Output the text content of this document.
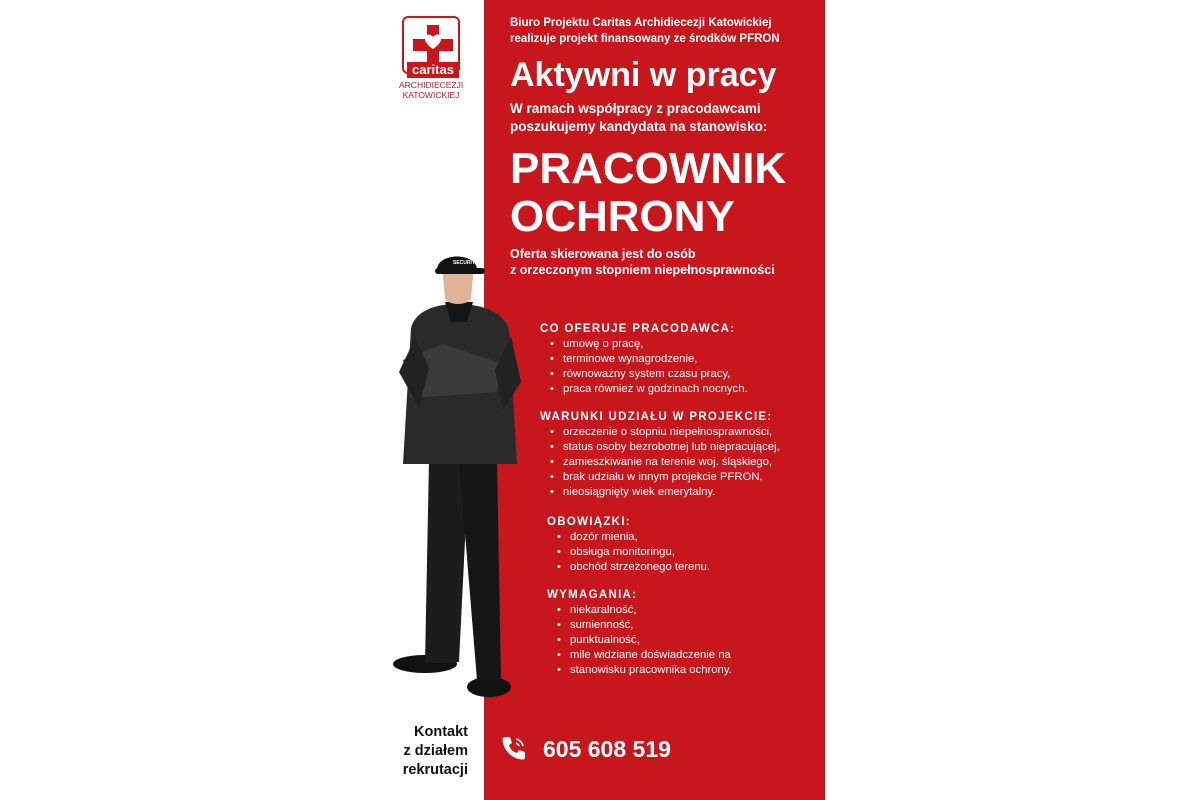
caritas
ARCHIDIECEZJI
KATOWICKIEJ

Biuro Projektu Caritas Archidiecezji Katowickiej
realizuje projekt finansowany ze środków PFRON

Aktywni w pracy

W ramach współpracy z pracodawcami
poszukujemy kandydata na stanowisko:

PRACOWNIK
OCHRONY

Oferta skierowana jest do osób
z orzeczonym stopniem niepełnosprawności

SECURITY

CO OFERUJE PRACODAWCA:

• umowę o pracę,
• terminowe wynagrodzenie,
• równoważny system czasu pracy,
• praca również w godzinach nocnych.

WARUNKI UDZIAŁU W PROJEKCIE:

• orzeczenie o stopniu niepełnosprawności,
• status osoby bezrobotnej lub niepracującej,
• zamieszkiwanie na terenie woj. śląskiego,
• brak udziału w innym projekcie PFRON,
• nieosiągnięty wiek emerytalny.

OBOWIĄZKI:

• dozór mienia,
• obsługa monitoringu,
• obchód strzeżonego terenu.

WYMAGANIA:

• niekaralność,
• sumienność,
• punktualność,
• mile widziane doświadczenie na
• stanowisku pracownika ochrony.

Kontakt
z działem
rekrutacji

605 608 519
